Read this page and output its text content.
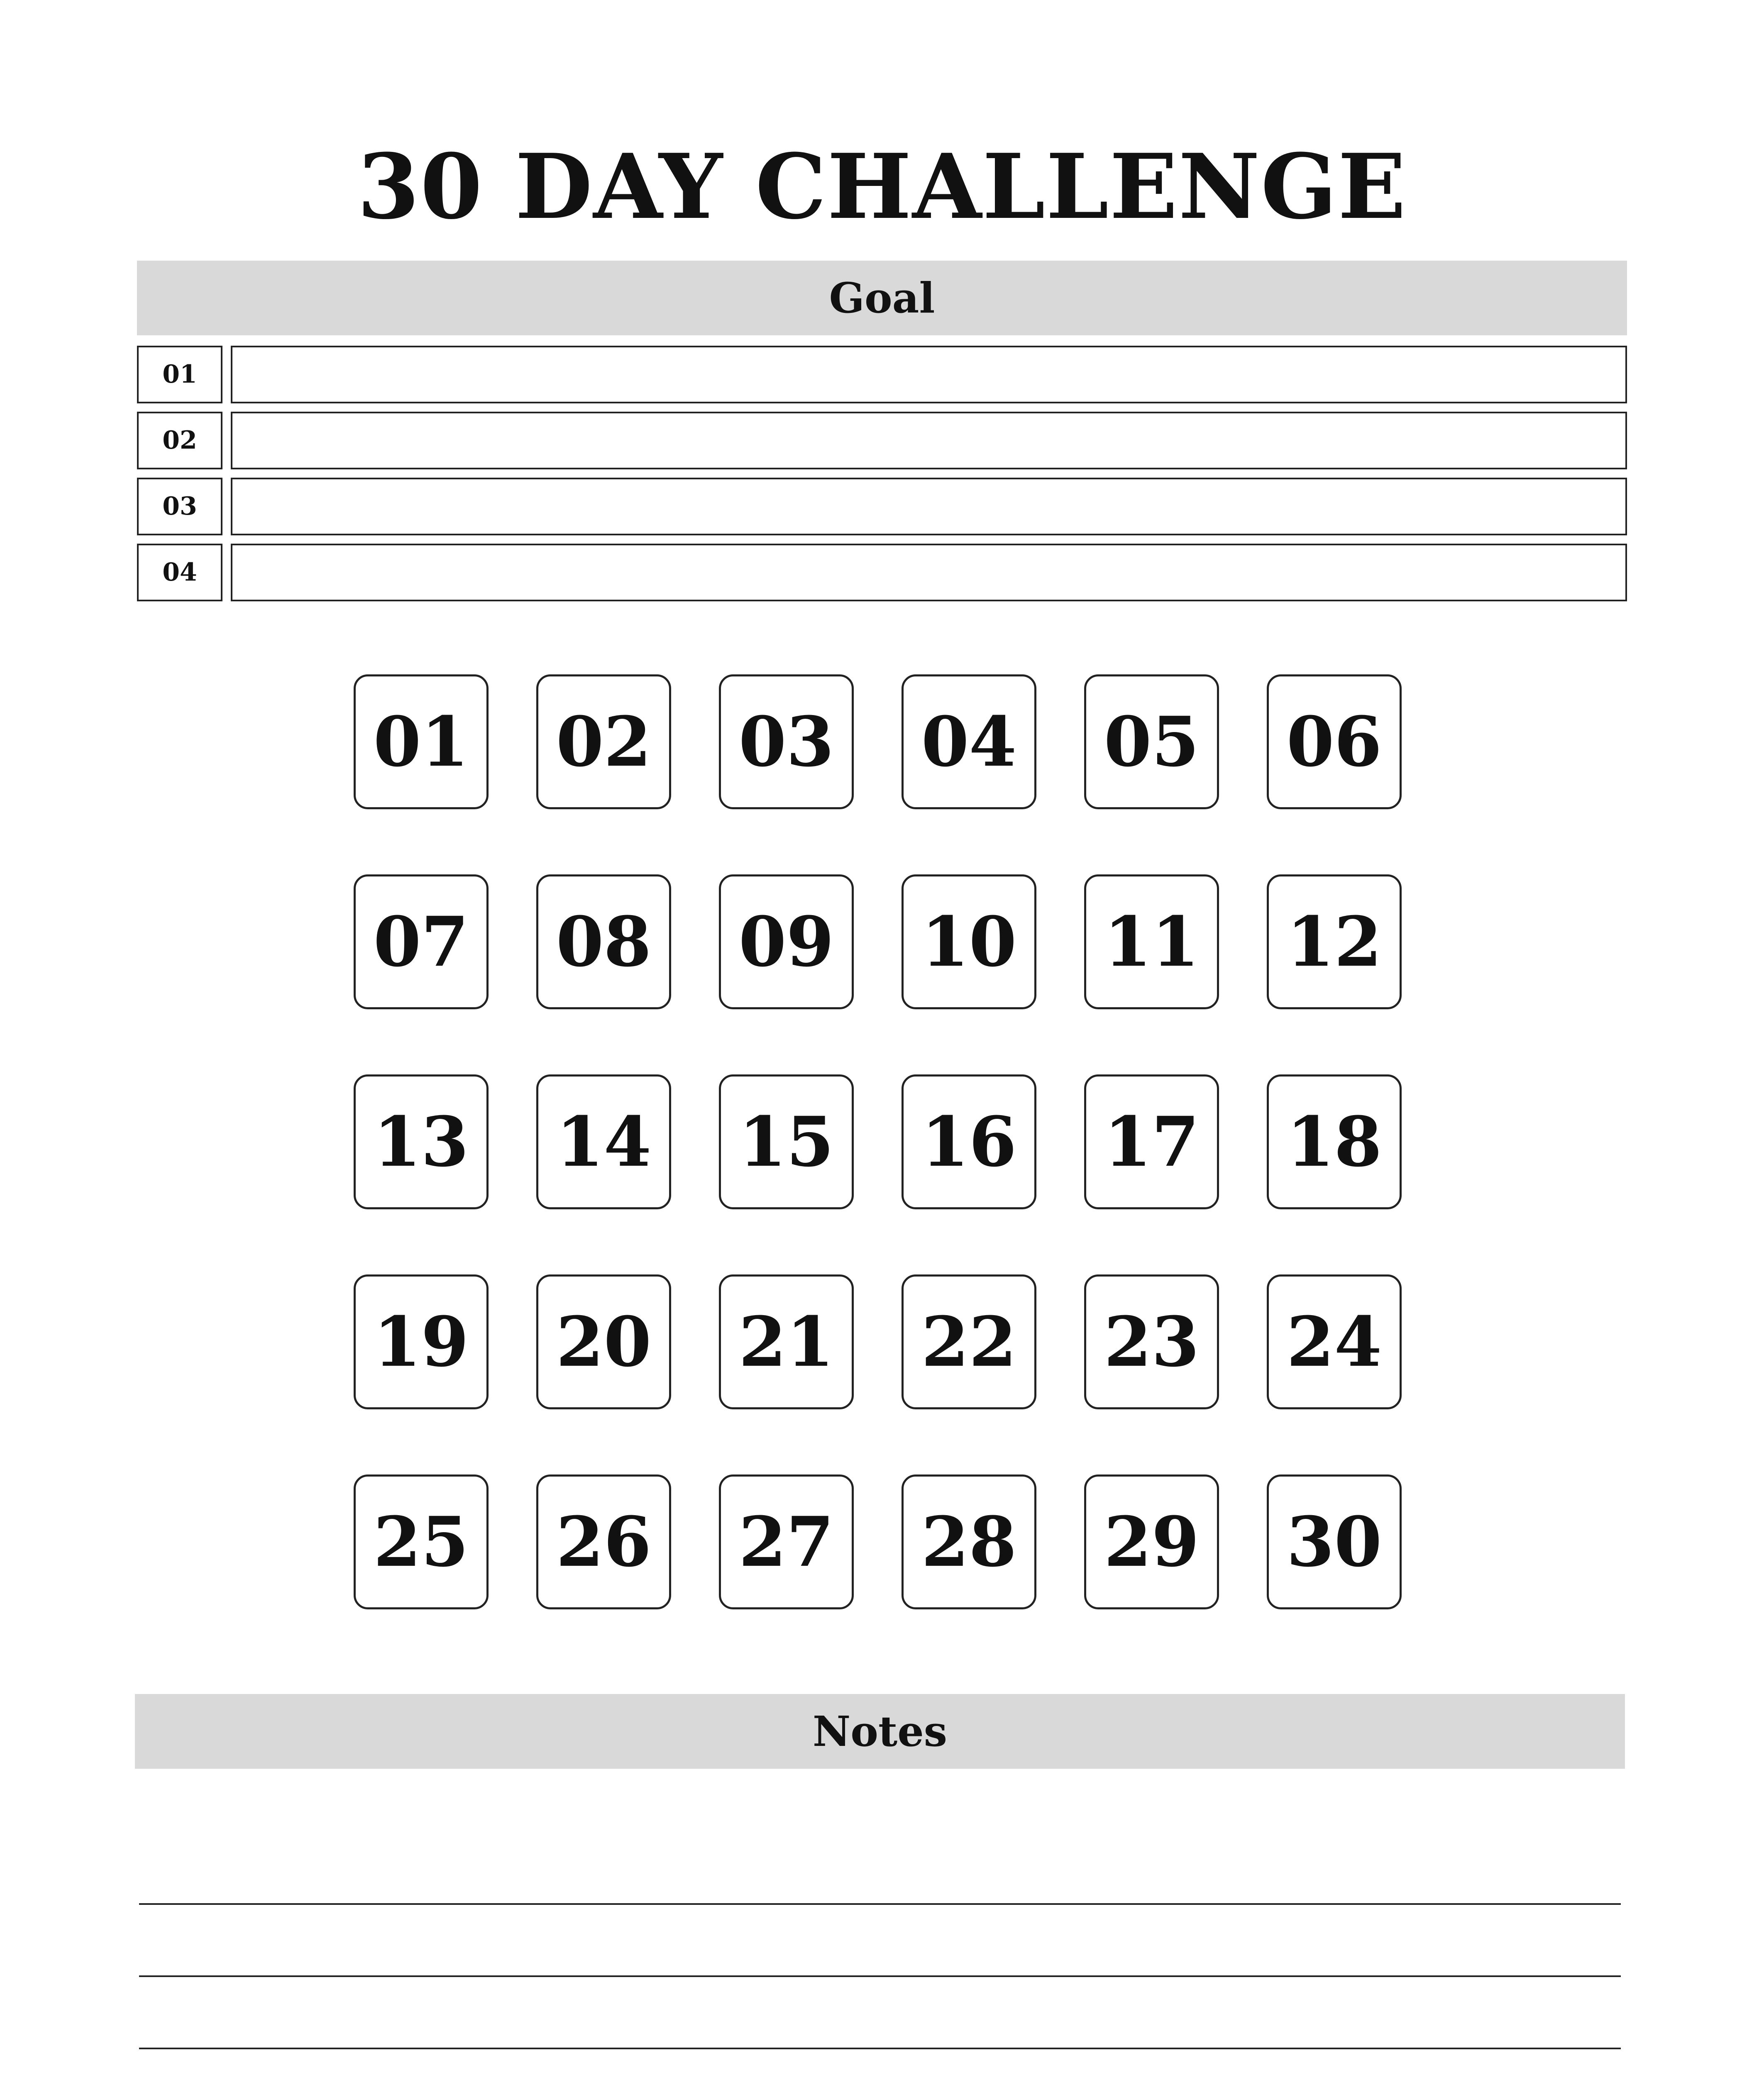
30 DAY CHALLENGE
Goal
01
02
03
04
01 02 03 04 05 06
07 08 09 10 11 12
13 14 15 16 17 18
19 20 21 22 23 24
25 26 27 28 29 30
Notes
